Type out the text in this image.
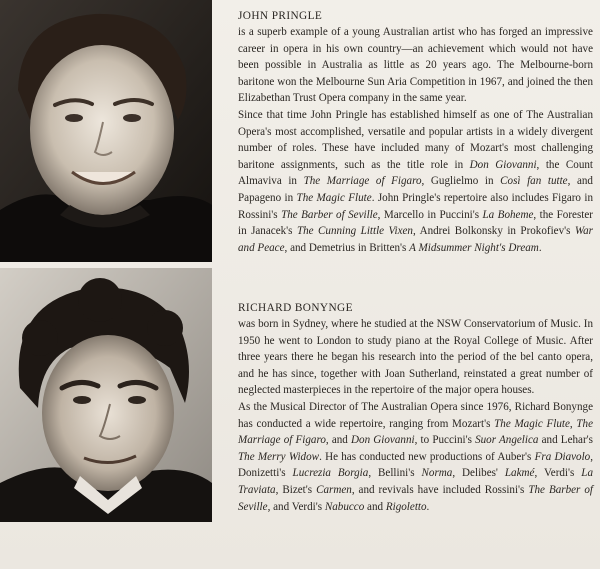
JOHN PRINGLE

is a superb example of a young Australian artist who has forged an impressive career in opera in his own country—an achievement which would not have been possible in Australia as little as 20 years ago. The Melbourne-born baritone won the Melbourne Sun Aria Competition in 1967, and joined the then Elizabethan Trust Opera company in the same year.

Since that time John Pringle has established himself as one of The Australian Opera's most accomplished, versatile and popular artists in a widely divergent number of roles. These have included many of Mozart's most challenging baritone assignments, such as the title role in Don Giovanni, the Count Almaviva in The Marriage of Figaro, Guglielmo in Così fan tutte, and Papageno in The Magic Flute. John Pringle's repertoire also includes Figaro in Rossini's The Barber of Seville, Marcello in Puccini's La Boheme, the Forester in Janacek's The Cunning Little Vixen, Andrei Bolkonsky in Prokofiev's War and Peace, and Demetrius in Britten's A Midsummer Night's Dream.

RICHARD BONYNGE

was born in Sydney, where he studied at the NSW Conservatorium of Music. In 1950 he went to London to study piano at the Royal College of Music. After three years there he began his research into the period of the bel canto opera, and he has since, together with Joan Sutherland, reinstated a great number of neglected masterpieces in the repertoire of the major opera houses.

As the Musical Director of The Australian Opera since 1976, Richard Bonynge has conducted a wide repertoire, ranging from Mozart's The Magic Flute, The Marriage of Figaro, and Don Giovanni, to Puccini's Suor Angelica and Lehar's The Merry Widow. He has conducted new productions of Auber's Fra Diavolo, Donizetti's Lucrezia Borgia, Bellini's Norma, Delibes' Lakmé, Verdi's La Traviata, Bizet's Carmen, and revivals have included Rossini's The Barber of Seville, and Verdi's Nabucco and Rigoletto.
